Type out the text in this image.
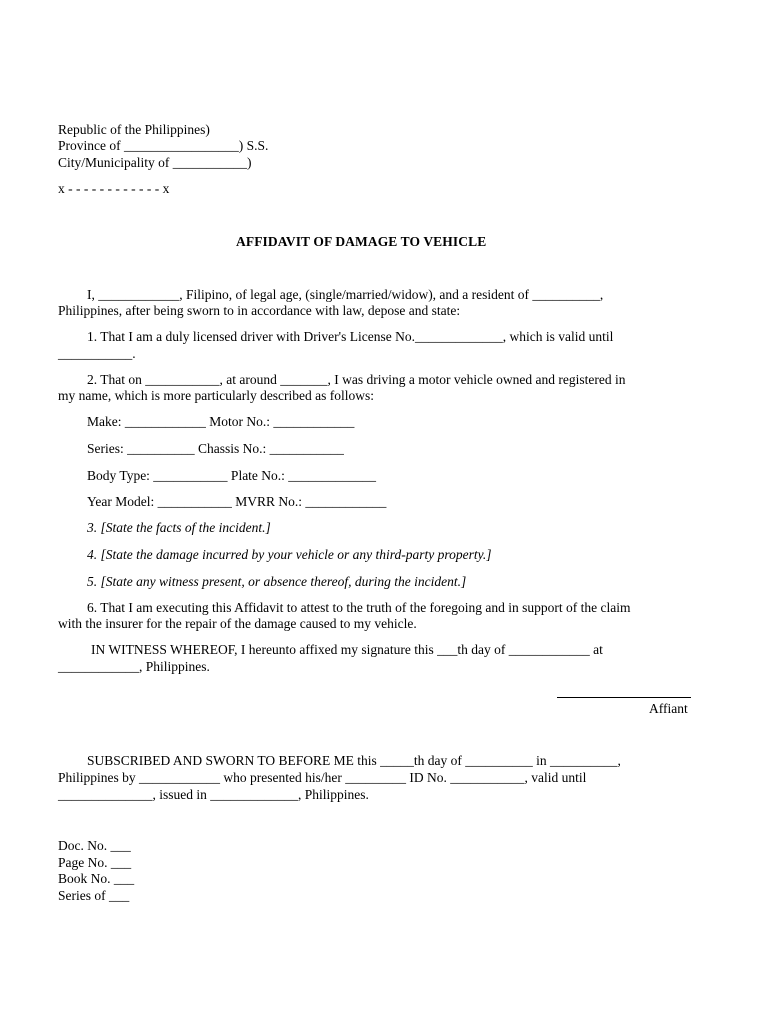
Republic of the Philippines)
Province of _________________) S.S.
City/Municipality of ___________)
x - - - - - - - - - - - - x
AFFIDAVIT OF DAMAGE TO VEHICLE
I, ____________, Filipino, of legal age, (single/married/widow), and a resident of __________,
Philippines, after being sworn to in accordance with law, depose and state:
1. That I am a duly licensed driver with Driver's License No._____________, which is valid until
___________.
2. That on ___________, at around _______, I was driving a motor vehicle owned and registered in
my name, which is more particularly described as follows:
Make: ____________ Motor No.: ____________
Series: __________ Chassis No.: ___________
Body Type: ___________ Plate No.: _____________
Year Model: ___________ MVRR No.: ____________
3. [State the facts of the incident.]
4. [State the damage incurred by your vehicle or any third-party property.]
5. [State any witness present, or absence thereof, during the incident.]
6. That I am executing this Affidavit to attest to the truth of the foregoing and in support of the claim
with the insurer for the repair of the damage caused to my vehicle.
IN WITNESS WHEREOF, I hereunto affixed my signature this ___th day of ____________ at
____________, Philippines.
Affiant
SUBSCRIBED AND SWORN TO BEFORE ME this _____th day of __________ in __________,
Philippines by ____________ who presented his/her _________ ID No. ___________, valid until
______________, issued in _____________, Philippines.
Doc. No. ___
Page No. ___
Book No. ___
Series of ___
